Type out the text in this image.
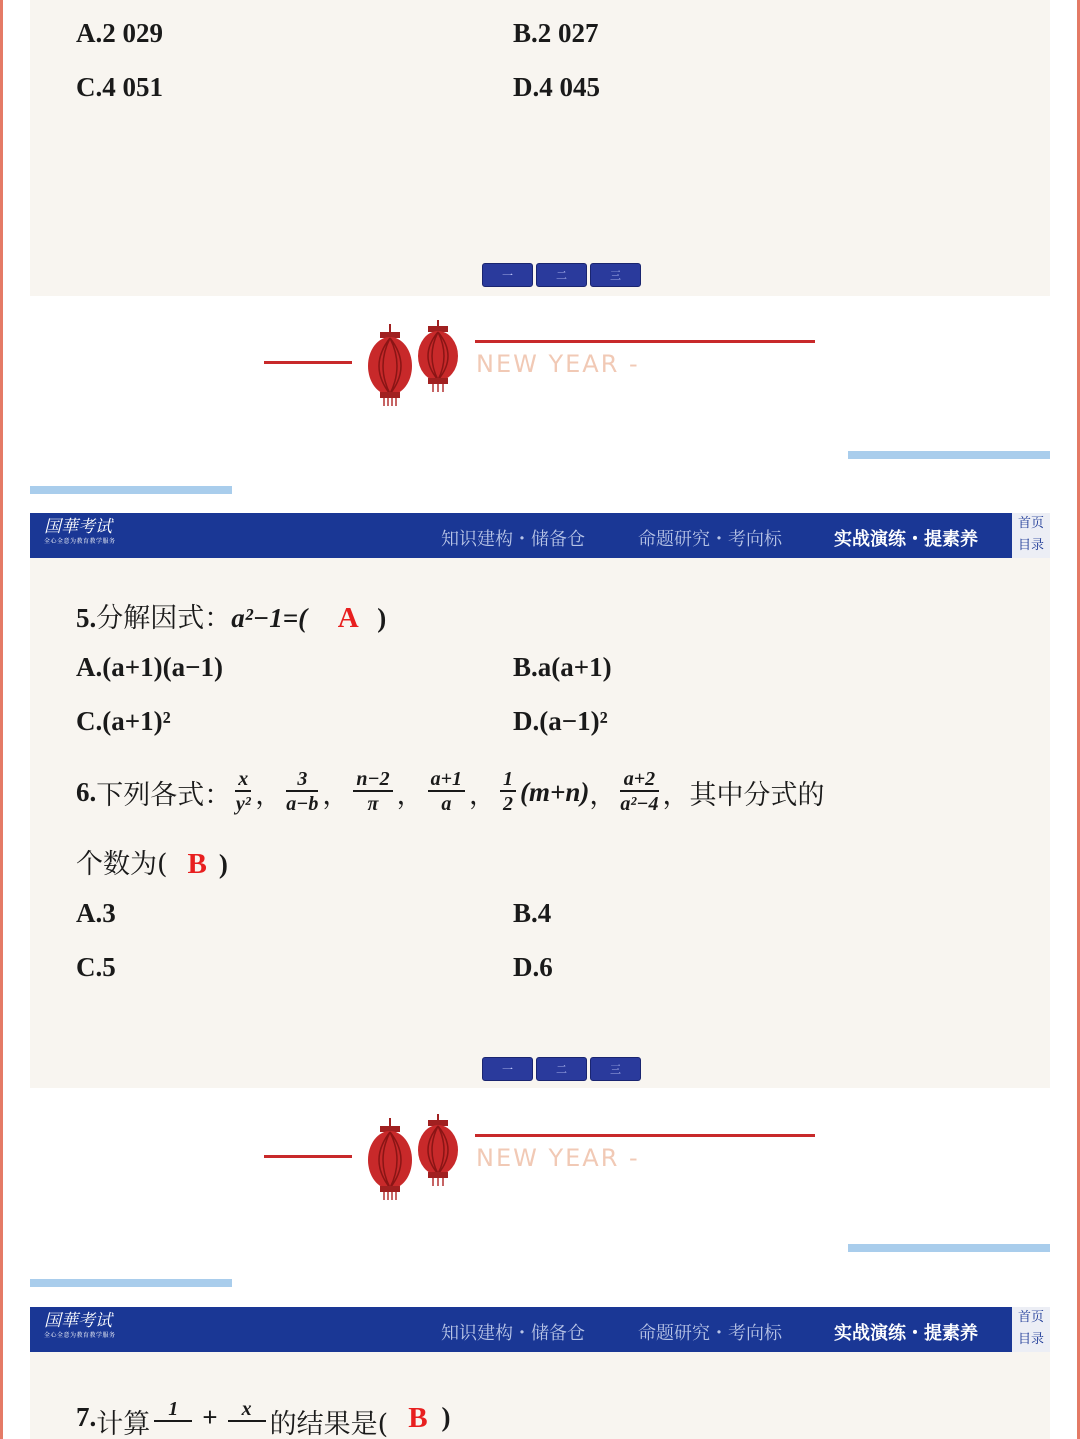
A.2 029	B.2 027
C.4 051	D.4 045
一	二	三
NEW YEAR -
国華考试
全心全意为教育教学服务	知识建构・储备仓	命题研究・考向标	实战演练・提素养
首页
目录
5.分解因式：a²−1=( A )
A.(a+1)(a−1)	B.a(a+1)
C.(a+1)²	D.(a−1)²
6. 下列各式： $\frac{x}{\text{y²}}$ ， $\frac{3}{a-b}$ ， $\frac{n-2}{\pi}$ ， $\frac{a+1}{a}$ ， $\frac{1}{2} (m+n)$ ， $\frac{a+2}{\text{a²−4}}$ ， 其中分式的
个数为( B )
A.3	B.4
C.5	D.6
一	二	三
NEW YEAR -
国華考试
全心全意为教育教学服务	知识建构・储备仓	命题研究・考向标	实战演练・提素养
首页
目录
7. 计算 1 +	x 的结果是( B )
